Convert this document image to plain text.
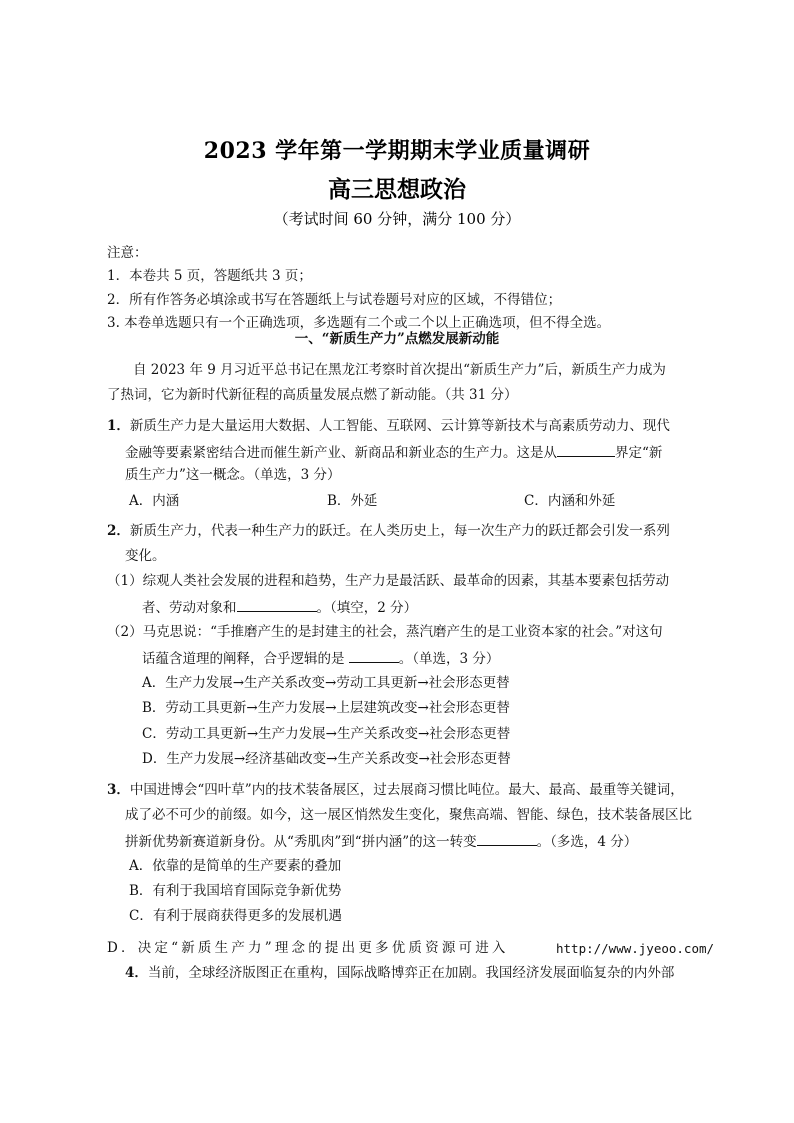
2023 学年第一学期期末学业质量调研
高三思想政治
（考试时间 60 分钟，满分 100 分）
注意：
1．本卷共 5 页，答题纸共 3 页；
2．所有作答务必填涂或书写在答题纸上与试卷题号对应的区域，不得错位；
3. 本卷单选题只有一个正确选项，多选题有二个或二个以上正确选项，但不得全选。
一、“新质生产力”点燃发展新动能
自 2023 年 9 月习近平总书记在黑龙江考察时首次提出“新质生产力”后，新质生产力成为
了热词，它为新时代新征程的高质量发展点燃了新动能。（共 31 分）
1．新质生产力是大量运用大数据、人工智能、互联网、云计算等新技术与高素质劳动力、现代
金融等要素紧密结合进而催生新产业、新商品和新业态的生产力。这是从	界定“新
质生产力”这一概念。（单选，3 分）
A．内涵	B．外延	C．内涵和外延
2．新质生产力，代表一种生产力的跃迁。在人类历史上，每一次生产力的跃迁都会引发一系列
变化。
（1）综观人类社会发展的进程和趋势，生产力是最活跃、最革命的因素，其基本要素包括劳动
者、劳动对象和	。（填空，2 分）
（2）马克思说：“手推磨产生的是封建主的社会，蒸汽磨产生的是工业资本家的社会。”对这句
话蕴含道理的阐释，合乎逻辑的是	。（单选，3 分）
A．生产力发展→生产关系改变→劳动工具更新→社会形态更替
B．劳动工具更新→生产力发展→上层建筑改变→社会形态更替
C．劳动工具更新→生产力发展→生产关系改变→社会形态更替
D．生产力发展→经济基础改变→生产关系改变→社会形态更替
3．中国进博会“四叶草”内的技术装备展区，过去展商习惯比吨位。最大、最高、最重等关键词，
成了必不可少的前缀。如今，这一展区悄然发生变化，聚焦高端、智能、绿色，技术装备展区比
拼新优势新赛道新身份。从“秀肌肉”到“拼内涵”的这一转变	。（多选，4 分）
A．依靠的是简单的生产要素的叠加
B．有利于我国培育国际竞争新优势
C．有利于展商获得更多的发展机遇
D．决定“新质生产力”理念的提出更多优质资源可进入	http://www.jyeoo.com/
4．当前，全球经济版图正在重构，国际战略博弈正在加剧。我国经济发展面临复杂的内外部
